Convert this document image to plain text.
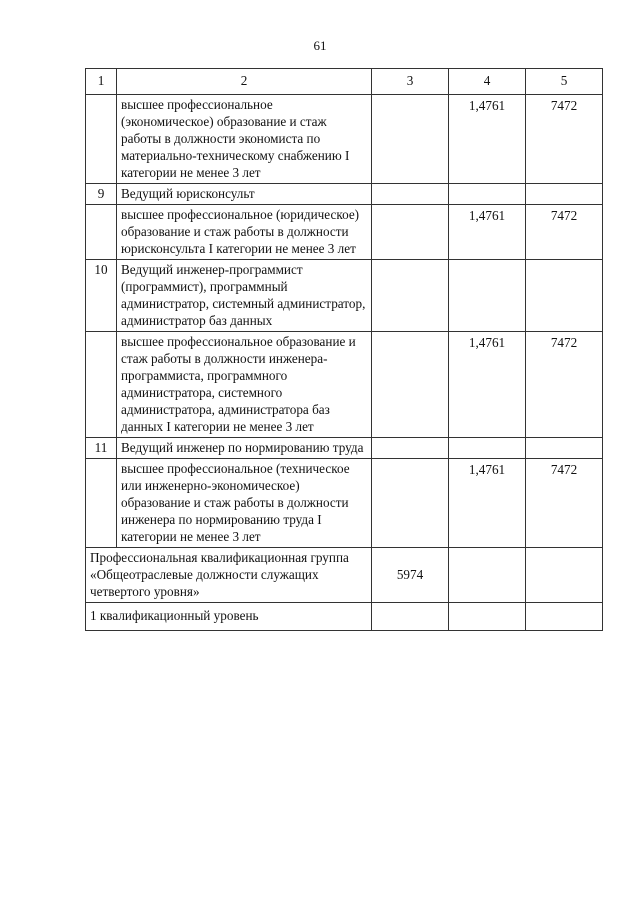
61
1	2	3	4	5
	высшее профессиональное (экономическое) образование и стаж работы в должности экономиста по материально-техническому снабжению I категории не менее 3 лет		1,4761	7472

9	Ведущий юрисконсульт			
	высшее профессиональное (юридическое) образование и стаж работы в должности юрисконсульта I категории не менее 3 лет		1,4761	7472

10	Ведущий инженер-программист (программист), программный администратор, системный администратор, администратор баз данных			
	высшее профессиональное образование и стаж работы в должности инженера-программиста, программного администратора, системного администратора, администратора баз данных I категории не менее 3 лет		1,4761	7472

11	Ведущий инженер по нормированию труда			
	высшее профессиональное (техническое или инженерно-экономическое) образование и стаж работы в должности инженера по нормированию труда I категории не менее 3 лет		1,4761	7472

Профессиональная квалификационная группа «Общеотраслевые должности служащих четвертого уровня»		5974		
1 квалификационный уровень				
